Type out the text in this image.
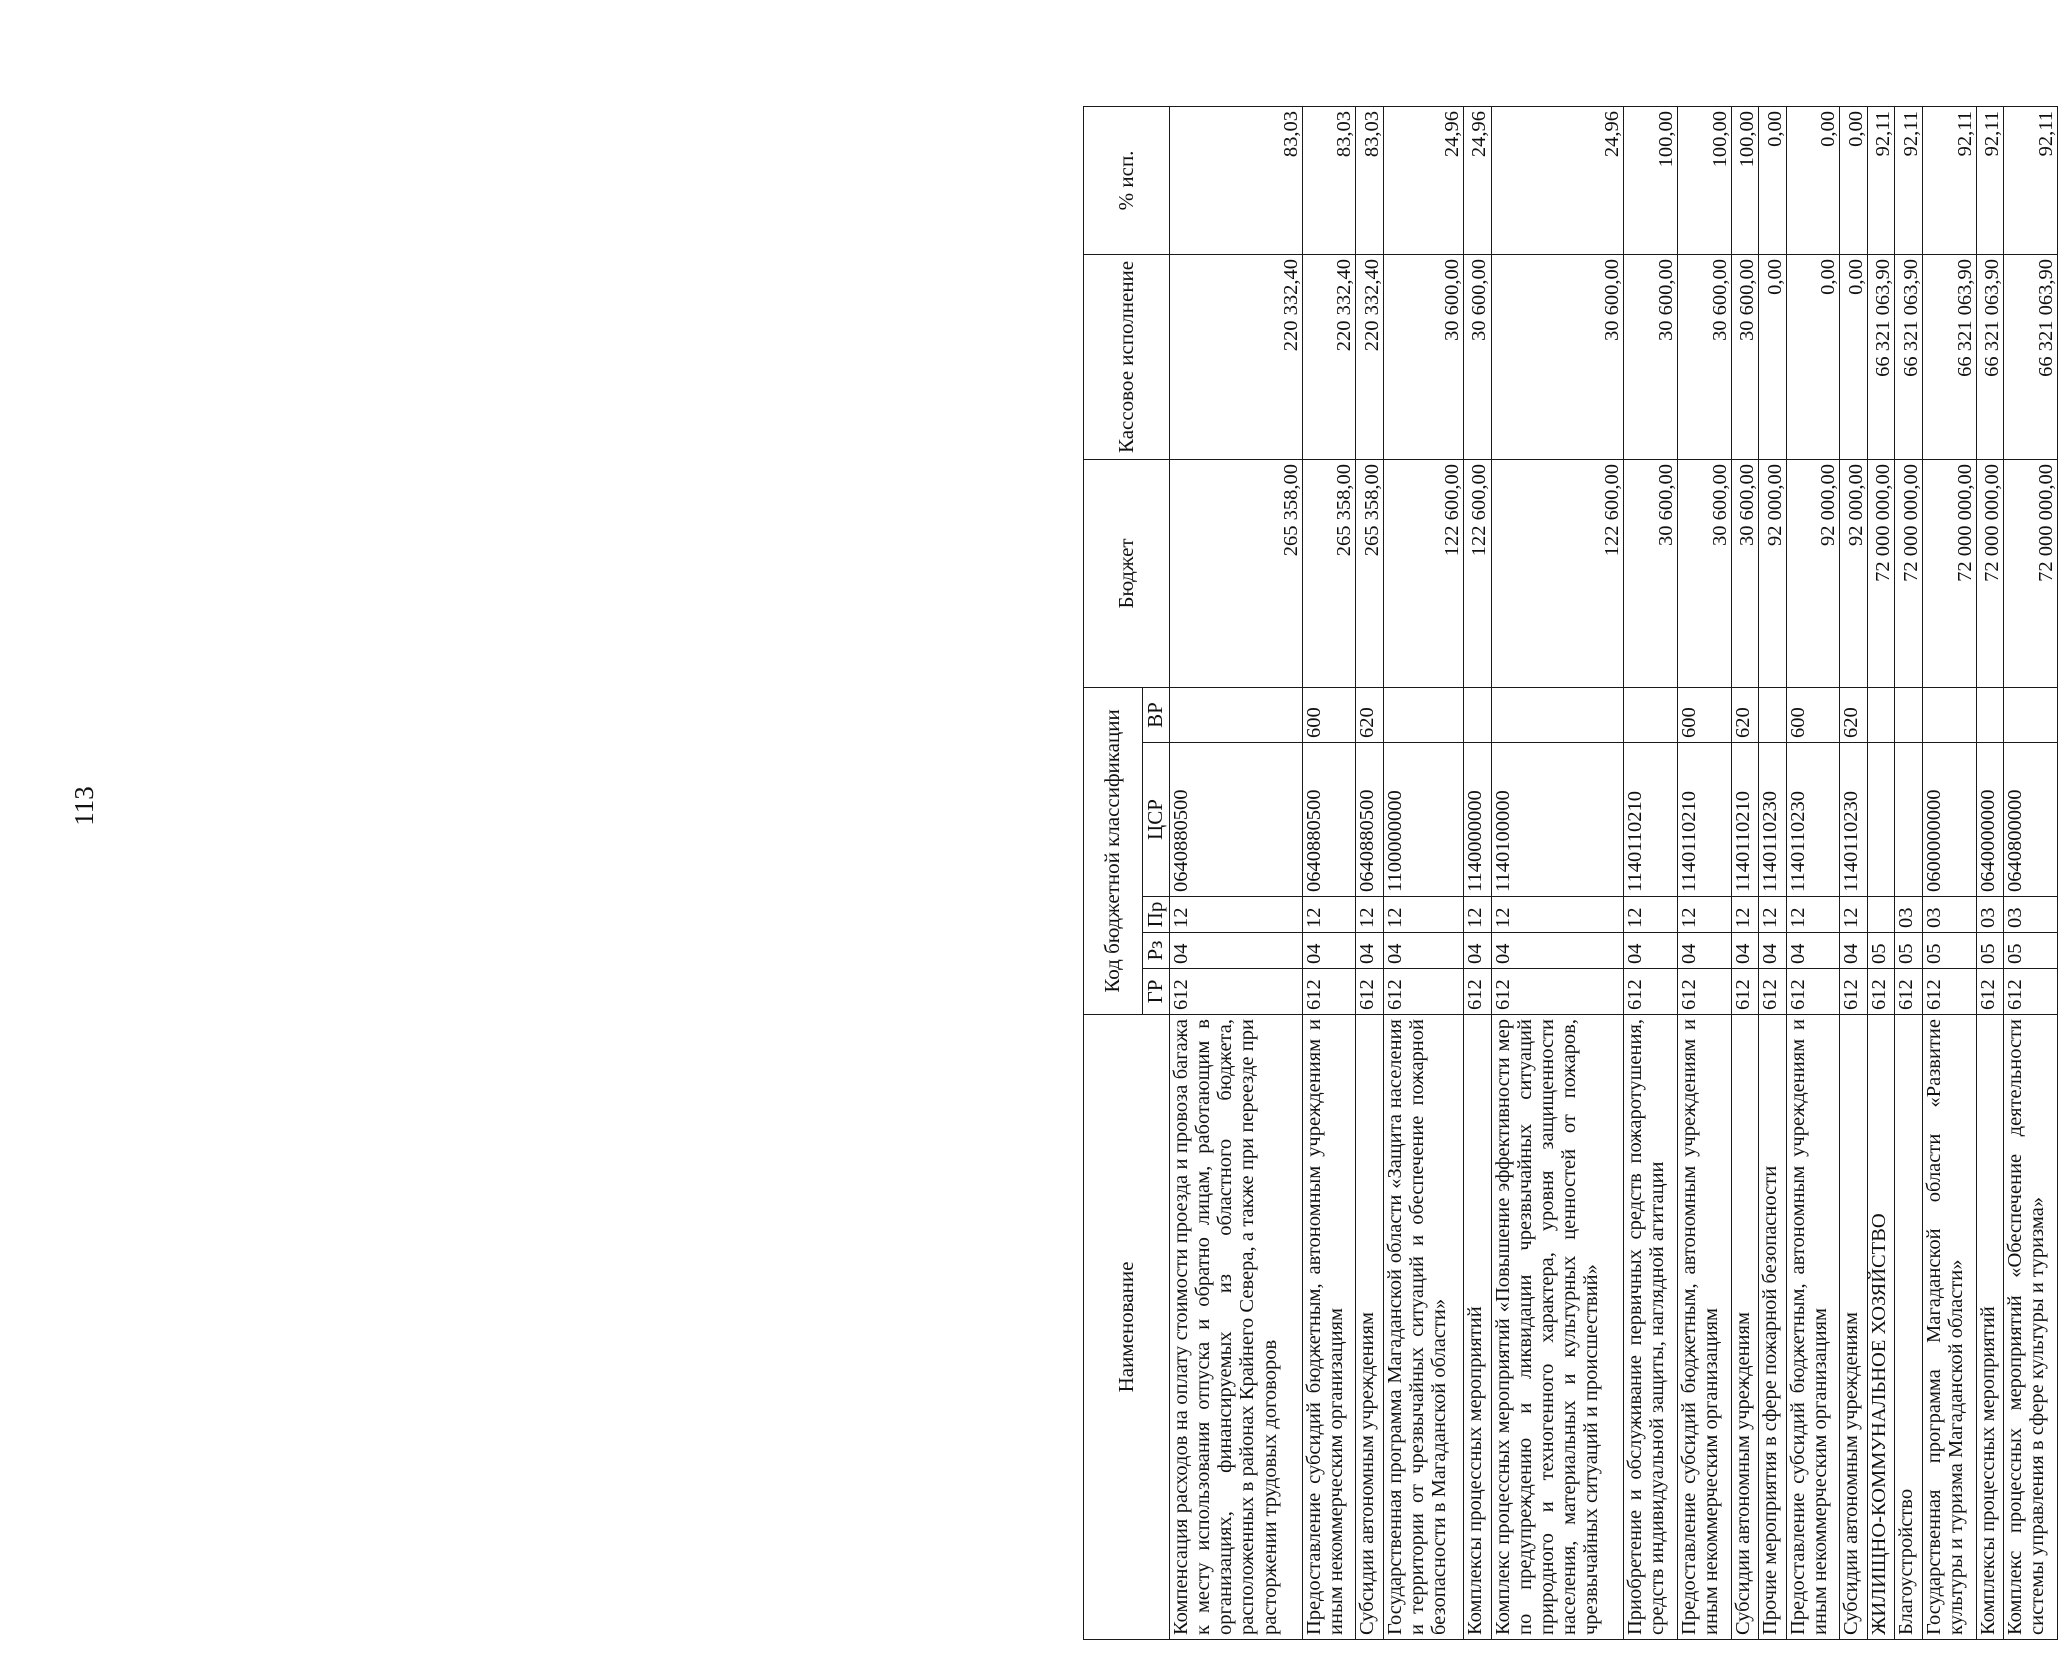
113
Наименование	Код бюджетной классификации					Бюджет	Кассовое исполнение	% исп.
	ГР	Рз	Пр	ЦСР	ВР			
Компенсация расходов на оплату стоимости проезда и провоза багажа к месту использования отпуска и обратно лицам, работающим в организациях, финансируемых из областного бюджета, расположенных в районах Крайнего Севера, а также при переезде при расторжении трудовых договоров	612	04	12	0640880500		265 358,00	220 332,40	83,03
Предоставление субсидий бюджетным, автономным учреждениям и иным некоммерческим организациям	612	04	12	0640880500	600	265 358,00	220 332,40	83,03
Субсидии автономным учреждениям	612	04	12	0640880500	620	265 358,00	220 332,40	83,03
Государственная программа Магаданской области «Защита населения и территории от чрезвычайных ситуаций и обеспечение пожарной безопасности в Магаданской области»	612	04	12	1100000000		122 600,00	30 600,00	24,96
Комплексы процессных мероприятий	612	04	12	1140000000		122 600,00	30 600,00	24,96
Комплекс процессных мероприятий «Повышение эффективности мер по предупреждению и ликвидации чрезвычайных ситуаций природного и техногенного характера, уровня защищенности населения, материальных и культурных ценностей от пожаров, чрезвычайных ситуаций и происшествий»	612	04	12	1140100000		122 600,00	30 600,00	24,96
Приобретение и обслуживание первичных средств пожаротушения, средств индивидуальной защиты, наглядной агитации	612	04	12	1140110210		30 600,00	30 600,00	100,00
Предоставление субсидий бюджетным, автономным учреждениям и иным некоммерческим организациям	612	04	12	1140110210	600	30 600,00	30 600,00	100,00
Субсидии автономным учреждениям	612	04	12	1140110210	620	30 600,00	30 600,00	100,00
Прочие мероприятия в сфере пожарной безопасности	612	04	12	1140110230		92 000,00	0,00	0,00
Предоставление субсидий бюджетным, автономным учреждениям и иным некоммерческим организациям	612	04	12	1140110230	600	92 000,00	0,00	0,00
Субсидии автономным учреждениям	612	04	12	1140110230	620	92 000,00	0,00	0,00
ЖИЛИЩНО-КОММУНАЛЬНОЕ ХОЗЯЙСТВО	612	05				72 000 000,00	66 321 063,90	92,11
Благоустройство	612	05	03			72 000 000,00	66 321 063,90	92,11
Государственная программа Магаданской области «Развитие культуры и туризма Магаданской области»	612	05	03	0600000000		72 000 000,00	66 321 063,90	92,11
Комплексы процессных мероприятий	612	05	03	0640000000		72 000 000,00	66 321 063,90	92,11
Комплекс процессных мероприятий «Обеспечение деятельности системы управления в сфере культуры и туризма»	612	05	03	0640800000		72 000 000,00	66 321 063,90	92,11
